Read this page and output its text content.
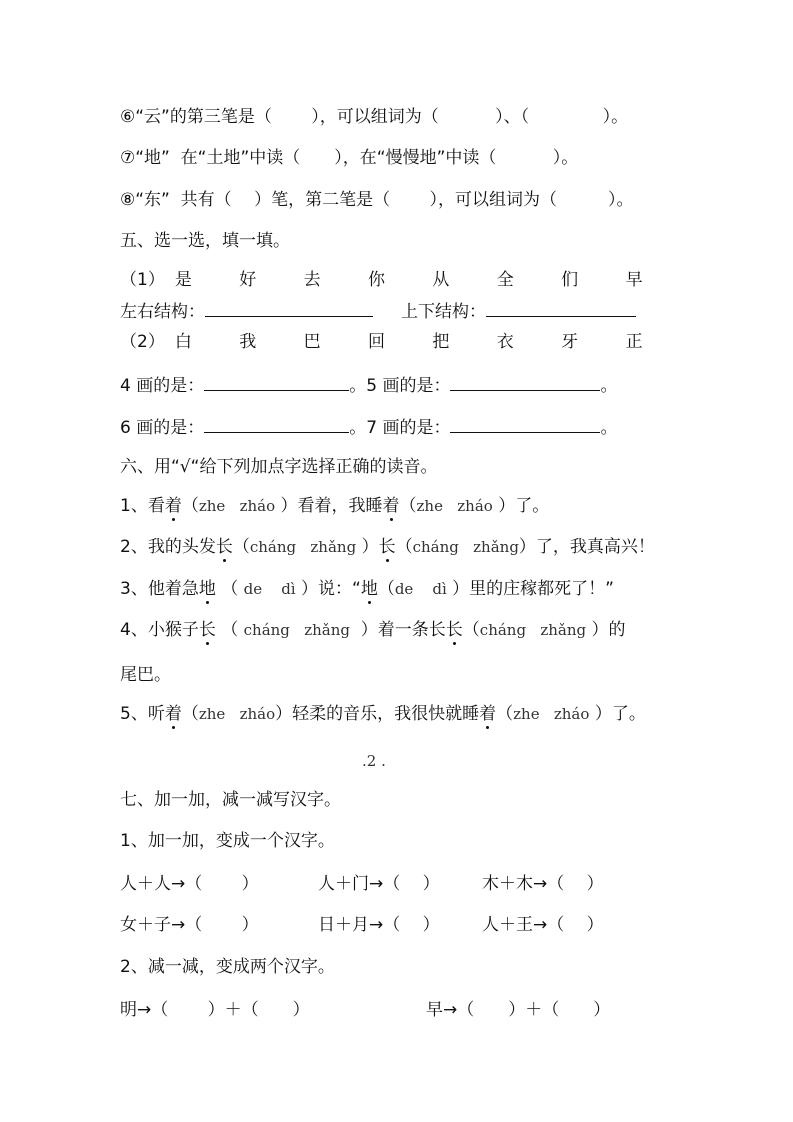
⑥“云”的第三笔是（　　 ），可以组词为（　　　 ）、（　　　　 ）。
⑦“地”  在“土地”中读（　　），在“慢慢地”中读（　　　 ）。
⑧“东”  共有（　 ）笔，第二笔是（　　 ），可以组词为（　　　）。
五、选一选，填一填。
（1） 是	好	去	你	从	全	们	早
左右结构：	上下结构：
（2） 白	我	巴	回	把	衣	牙	正
4 画的是：	。 5 画的是：	。
6 画的是：	。 7 画的是：	。
六、用“√“给下列加点字选择正确的读音。
1、看着（zhe   zháo ）看着，我睡着（zhe   zháo ）了。
2、我的头发长（cháng   zhǎng ）长（cháng   zhǎng）了，我真高兴！
3、他着急地 （ de    dì ）说：“地（de    dì ）里的庄稼都死了！”
4、小猴子长 （ cháng   zhǎng  ）着一条长长（cháng   zhǎng ）的
尾巴。
5、听着（zhe   zháo）轻柔的音乐，我很快就睡着（zhe   zháo ）了。
.2 .
七、加一加，减一减写汉字。
1、加一加，变成一个汉字。
人＋人→（　　 ）	人＋门→（　 ）	木＋木→（　 ）
女＋子→（　　 ）	日＋月→（　 ）	人＋王→（　 ）
2、减一减，变成两个汉字。
明→（　　 ）＋（　　）	早→（　　）＋（　　）
